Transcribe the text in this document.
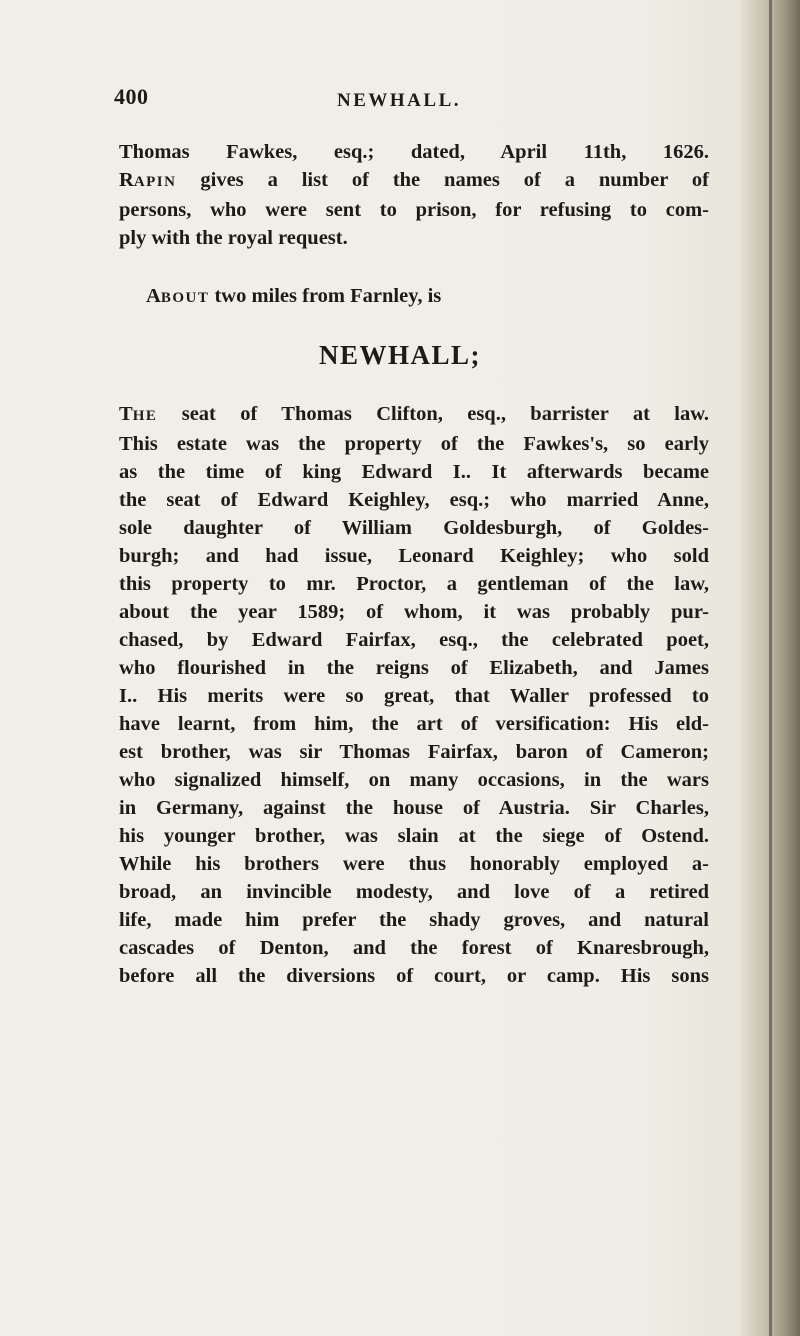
400	NEWHALL.

Thomas Fawkes, esq.; dated, April 11th, 1626.

RAPIN gives a list of the names of a number of

persons, who were sent to prison, for refusing to com-

ply with the royal request.

ABOUT two miles from Farnley, is

NEWHALL;

THE seat of Thomas Clifton, esq., barrister at law.

This estate was the property of the Fawkes's, so early

as the time of king Edward I.. It afterwards became

the seat of Edward Keighley, esq.; who married Anne,

sole daughter of William Goldesburgh, of Goldes-

burgh; and had issue, Leonard Keighley; who sold

this property to mr. Proctor, a gentleman of the law,

about the year 1589; of whom, it was probably pur-

chased, by Edward Fairfax, esq., the celebrated poet,

who flourished in the reigns of Elizabeth, and James

I.. His merits were so great, that Waller professed to

have learnt, from him, the art of versification: His eld-

est brother, was sir Thomas Fairfax, baron of Cameron;

who signalized himself, on many occasions, in the wars

in Germany, against the house of Austria. Sir Charles,

his younger brother, was slain at the siege of Ostend.

While his brothers were thus honorably employed a-

broad, an invincible modesty, and love of a retired

life, made him prefer the shady groves, and natural

cascades of Denton, and the forest of Knaresbrough,

before all the diversions of court, or camp. His sons
